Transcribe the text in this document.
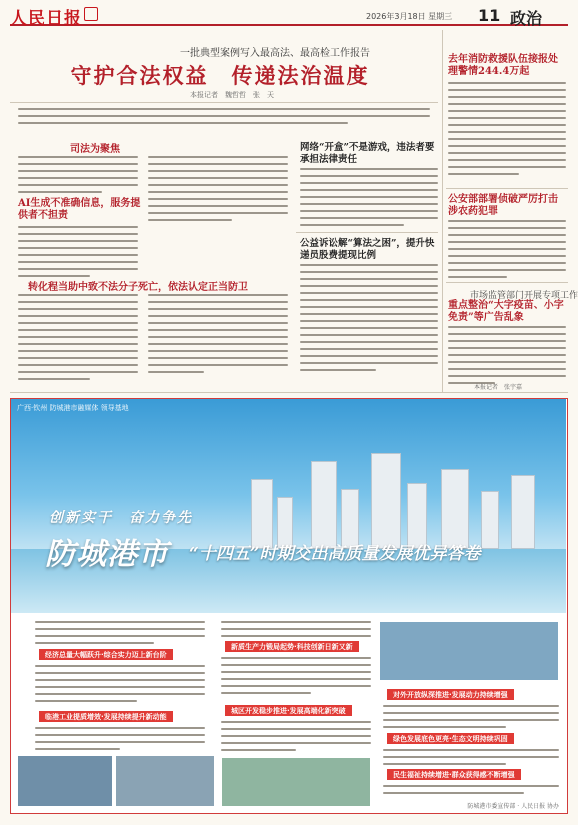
人民日报	2026年3月18日 星期三 11 政治
一批典型案例写入最高法、最高检工作报告
守护合法权益　传递法治温度
本报记者　魏哲哲　张　天
司法为聚焦
AI生成不准确信息，服务提供者不担责
网络“开盒”不是游戏，违法者要承担法律责任
转化程当助中致不法分子死亡，依法认定正当防卫
公益诉讼解“算法之困”，提升快递员股费提现比例
去年消防救援队伍接报处理警情244.4万起
公安部部署侦破严厉打击涉农药犯罪
市场监管部门开展专项工作
重点整治“大字疫苗、小字免责”等广告乱象
本报记者　张宇嘉
广西·钦州 防城港市融媒体 领导基地
创新实干　奋力争先
防城港市 “十四五”时期交出高质量发展优异答卷
经济总量大幅跃升·综合实力迈上新台阶
临港工业提质增效·发展持续提升新动能
新质生产力锻局起势·科技创新日新又新
城区开发稳步推进·发展高端化新突破
对外开放纵深推进·发展动力持续增强
绿色发展底色更亮·生态文明持续巩固
民生福祉持续增进·群众获得感不断增强
防城港市委宣传部 · 人民日报 协办
